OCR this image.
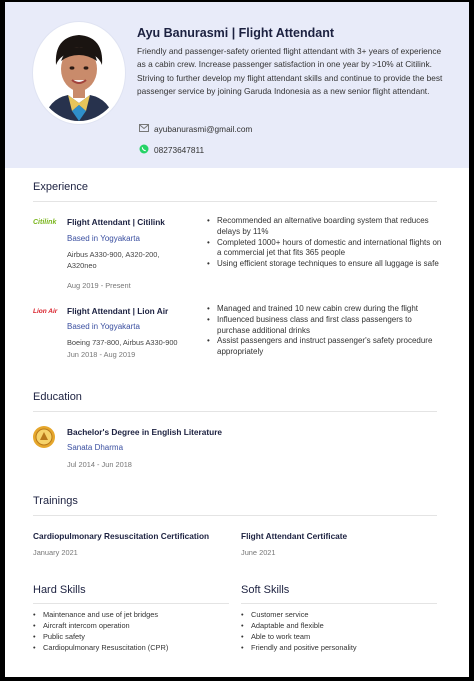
Ayu Banurasmi | Flight Attendant
Friendly and passenger-safety oriented flight attendant with 3+ years of experience as a cabin crew. Increase passenger satisfaction in one year by >10% at Citilink. Striving to further develop my flight attendant skills and continue to provide the best passenger service by joining Garuda Indonesia as a new senior flight attendant.
ayubanurasmi@gmail.com
08273647811
Experience
Citilink Flight Attendant | Citilink
Based in Yogyakarta
Airbus A330-900, A320-200, A320neo
Aug 2019 - Present
• Recommended an alternative boarding system that reduces delays by 11%
• Completed 1000+ hours of domestic and international flights on a commercial jet that fits 365 people
• Using efficient storage techniques to ensure all luggage is safe
Lion Air Flight Attendant | Lion Air
Based in Yogyakarta
Boeing 737-800, Airbus A330-900
Jun 2018 - Aug 2019
• Managed and trained 10 new cabin crew during the flight
• Influenced business class and first class passengers to purchase additional drinks
• Assist passengers and instruct passenger's safety procedure appropriately
Education
Bachelor's Degree in English Literature
Sanata Dharma
Jul 2014 - Jun 2018
Trainings
Cardiopulmonary Resuscitation Certification
January 2021
Flight Attendant Certificate
June 2021
Hard Skills
• Maintenance and use of jet bridges
• Aircraft intercom operation
• Public safety
• Cardiopulmonary Resuscitation (CPR)
Soft Skills
• Customer service
• Adaptable and flexible
• Able to work team
• Friendly and positive personality
